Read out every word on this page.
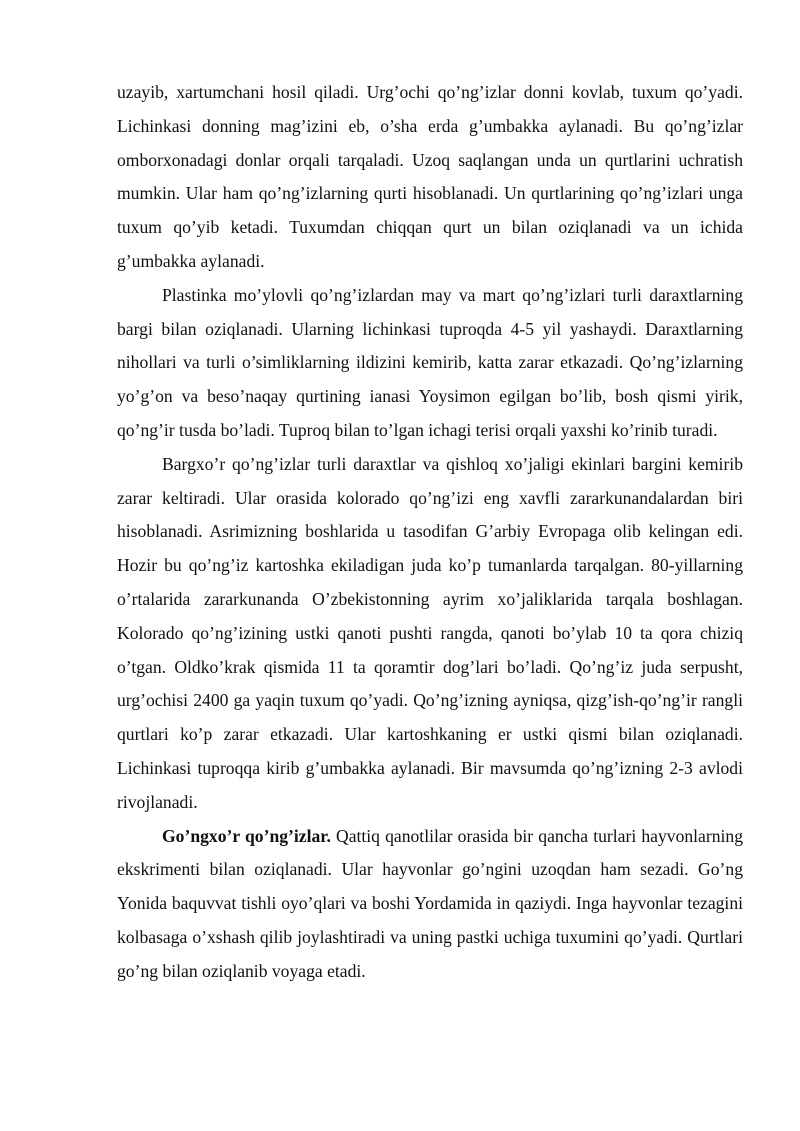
uzayib, xartumchani hosil qiladi. Urg’ochi qo’ng’izlar donni kovlab, tuxum qo’yadi. Lichinkasi donning mag’izini eb, o’sha erda g’umbakka aylanadi. Bu qo’ng’izlar omborxonadagi donlar orqali tarqaladi. Uzoq saqlangan unda un qurtlarini uchratish mumkin. Ular ham qo’ng’izlarning qurti hisoblanadi. Un qurtlarining qo’ng’izlari unga tuxum qo’yib ketadi. Tuxumdan chiqqan qurt un bilan oziqlanadi va un ichida g’umbakka aylanadi.

Plastinka mo’ylovli qo’ng’izlardan may va mart qo’ng’izlari turli daraxtlarning bargi bilan oziqlanadi. Ularning lichinkasi tuproqda 4-5 yil yashaydi. Daraxtlarning nihollari va turli o’simliklarning ildizini kemirib, katta zarar etkazadi. Qo’ng’izlarning yo’g’on va beso’naqay qurtining ianasi Yoysimon egilgan bo’lib, bosh qismi yirik, qo’ng’ir tusda bo’ladi. Tuproq bilan to’lgan ichagi terisi orqali yaxshi ko’rinib turadi.

Bargxo’r qo’ng’izlar turli daraxtlar va qishloq xo’jaligi ekinlari bargini kemirib zarar keltiradi. Ular orasida kolorado qo’ng’izi eng xavfli zararkunandalardan biri hisoblanadi. Asrimizning boshlarida u tasodifan G’arbiy Evropaga olib kelingan edi. Hozir bu qo’ng’iz kartoshka ekiladigan juda ko’p tumanlarda tarqalgan. 80-yillarning o’rtalarida zararkunanda O’zbekistonning ayrim xo’jaliklarida tarqala boshlagan. Kolorado qo’ng’izining ustki qanoti pushti rangda, qanoti bo’ylab 10 ta qora chiziq o’tgan. Oldko’krak qismida 11 ta qoramtir dog’lari bo’ladi. Qo’ng’iz juda serpusht, urg’ochisi 2400 ga yaqin tuxum qo’yadi. Qo’ng’izning ayniqsa, qizg’ish-qo’ng’ir rangli qurtlari ko’p zarar etkazadi. Ular kartoshkaning er ustki qismi bilan oziqlanadi. Lichinkasi tuproqqa kirib g’umbakka aylanadi. Bir mavsumda qo’ng’izning 2-3 avlodi rivojlanadi.

Go’ngxo’r qo’ng’izlar. Qattiq qanotlilar orasida bir qancha turlari hayvonlarning ekskrimenti bilan oziqlanadi. Ular hayvonlar go’ngini uzoqdan ham sezadi. Go’ng Yonida baquvvat tishli oyo’qlari va boshi Yordamida in qaziydi. Inga hayvonlar tezagini kolbasaga o’xshash qilib joylashtiradi va uning pastki uchiga tuxumini qo’yadi. Qurtlari go’ng bilan oziqlanib voyaga etadi.
